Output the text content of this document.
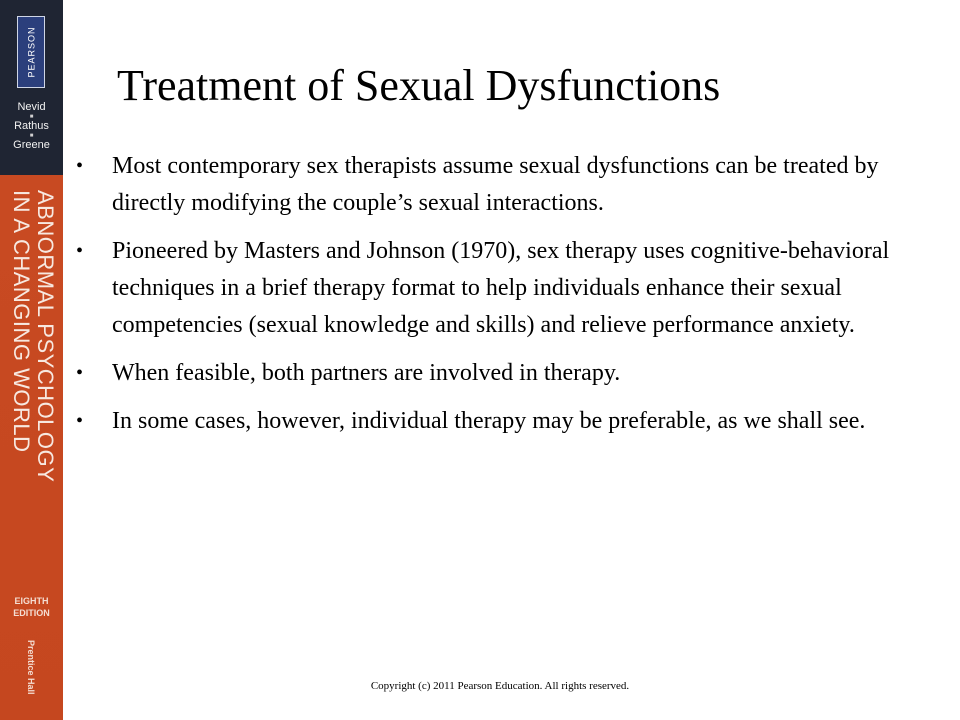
PEARSON
Nevid
■
Rathus
■
Greene
ABNORMAL PSYCHOLOGY
IN A CHANGING WORLD
EIGHTH
EDITION
Prentice Hall
Treatment of Sexual Dysfunctions
• Most contemporary sex therapists assume sexual dysfunctions can be treated by directly modifying the couple’s sexual interactions.
• Pioneered by Masters and Johnson (1970), sex therapy uses cognitive-behavioral techniques in a brief therapy format to help individuals enhance their sexual competencies (sexual knowledge and skills) and relieve performance anxiety.
• When feasible, both partners are involved in therapy.
• In some cases, however, individual therapy may be preferable, as we shall see.
Copyright (c) 2011 Pearson Education. All rights reserved.
